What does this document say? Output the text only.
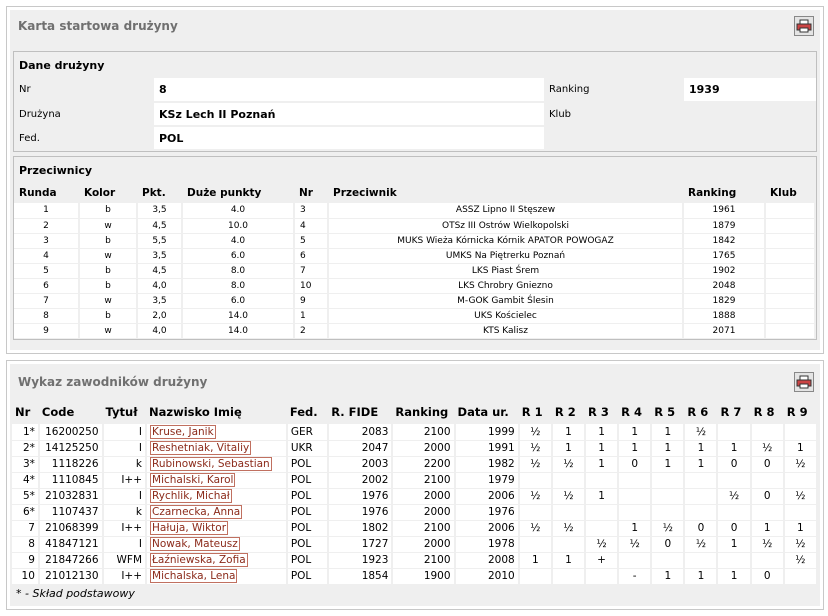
Karta startowa drużyny
Dane drużyny
Nr	8	Ranking	1939
Drużyna	KSz Lech II Poznań	Klub	
Fed.	POL		
Przeciwnicy
Runda	Kolor	Pkt.	Duże punkty	Nr	Przeciwnik	Ranking	Klub
1	b	3,5	4.0	3	ASSZ Lipno II Stęszew	1961	
2	w	4,5	10.0	4	OTSz III Ostrów Wielkopolski	1879	
3	b	5,5	4.0	5	MUKS Wieża Kórnicka Kórnik APATOR POWOGAZ	1842	
4	w	3,5	6.0	6	UMKS Na Piętrerku Poznań	1765	
5	b	4,5	8.0	7	LKS Piast Śrem	1902	
6	b	4,0	8.0	10	LKS Chrobry Gniezno	2048	
7	w	3,5	6.0	9	M-GOK Gambit Ślesin	1829	
8	b	2,0	14.0	1	UKS Kościelec	1888	
9	w	4,0	14.0	2	KTS Kalisz	2071	
Wykaz zawodników drużyny
Nr	Code	Tytuł	Nazwisko Imię	Fed.	R. FIDE	Ranking	Data ur.	R 1	R 2	R 3	R 4	R 5	R 6	R 7	R 8	R 9
1*	16200250	I	Kruse, Janik	GER	2083	2100	1999	½	1	1	1	1	½			
2*	14125250	I	Reshetniak, Vitaliy	UKR	2047	2000	1991	½	1	1	1	1	1	1	½	1
3*	1118226	k	Rubinowski, Sebastian	POL	2003	2200	1982	½	½	1	0	1	1	0	0	½
4*	1110845	I++	Michalski, Karol	POL	2002	2100	1979									
5*	21032831	I	Rychlik, Michał	POL	1976	2000	2006	½	½	1				½	0	½
6*	1107437	k	Czarnecka, Anna	POL	1976	2000	1976									
7	21068399	I++	Hałuja, Wiktor	POL	1802	2100	2006	½	½		1	½	0	0	1	1
8	41847121	I	Nowak, Mateusz	POL	1727	2000	1978			½	½	0	½	1	½	½
9	21847266	WFM	Łaźniewska, Zofia	POL	1923	2100	2008	1	1	+						½
10	21012130	I++	Michalska, Lena	POL	1854	1900	2010				-	1	1	1	0	
* - Skład podstawowy
